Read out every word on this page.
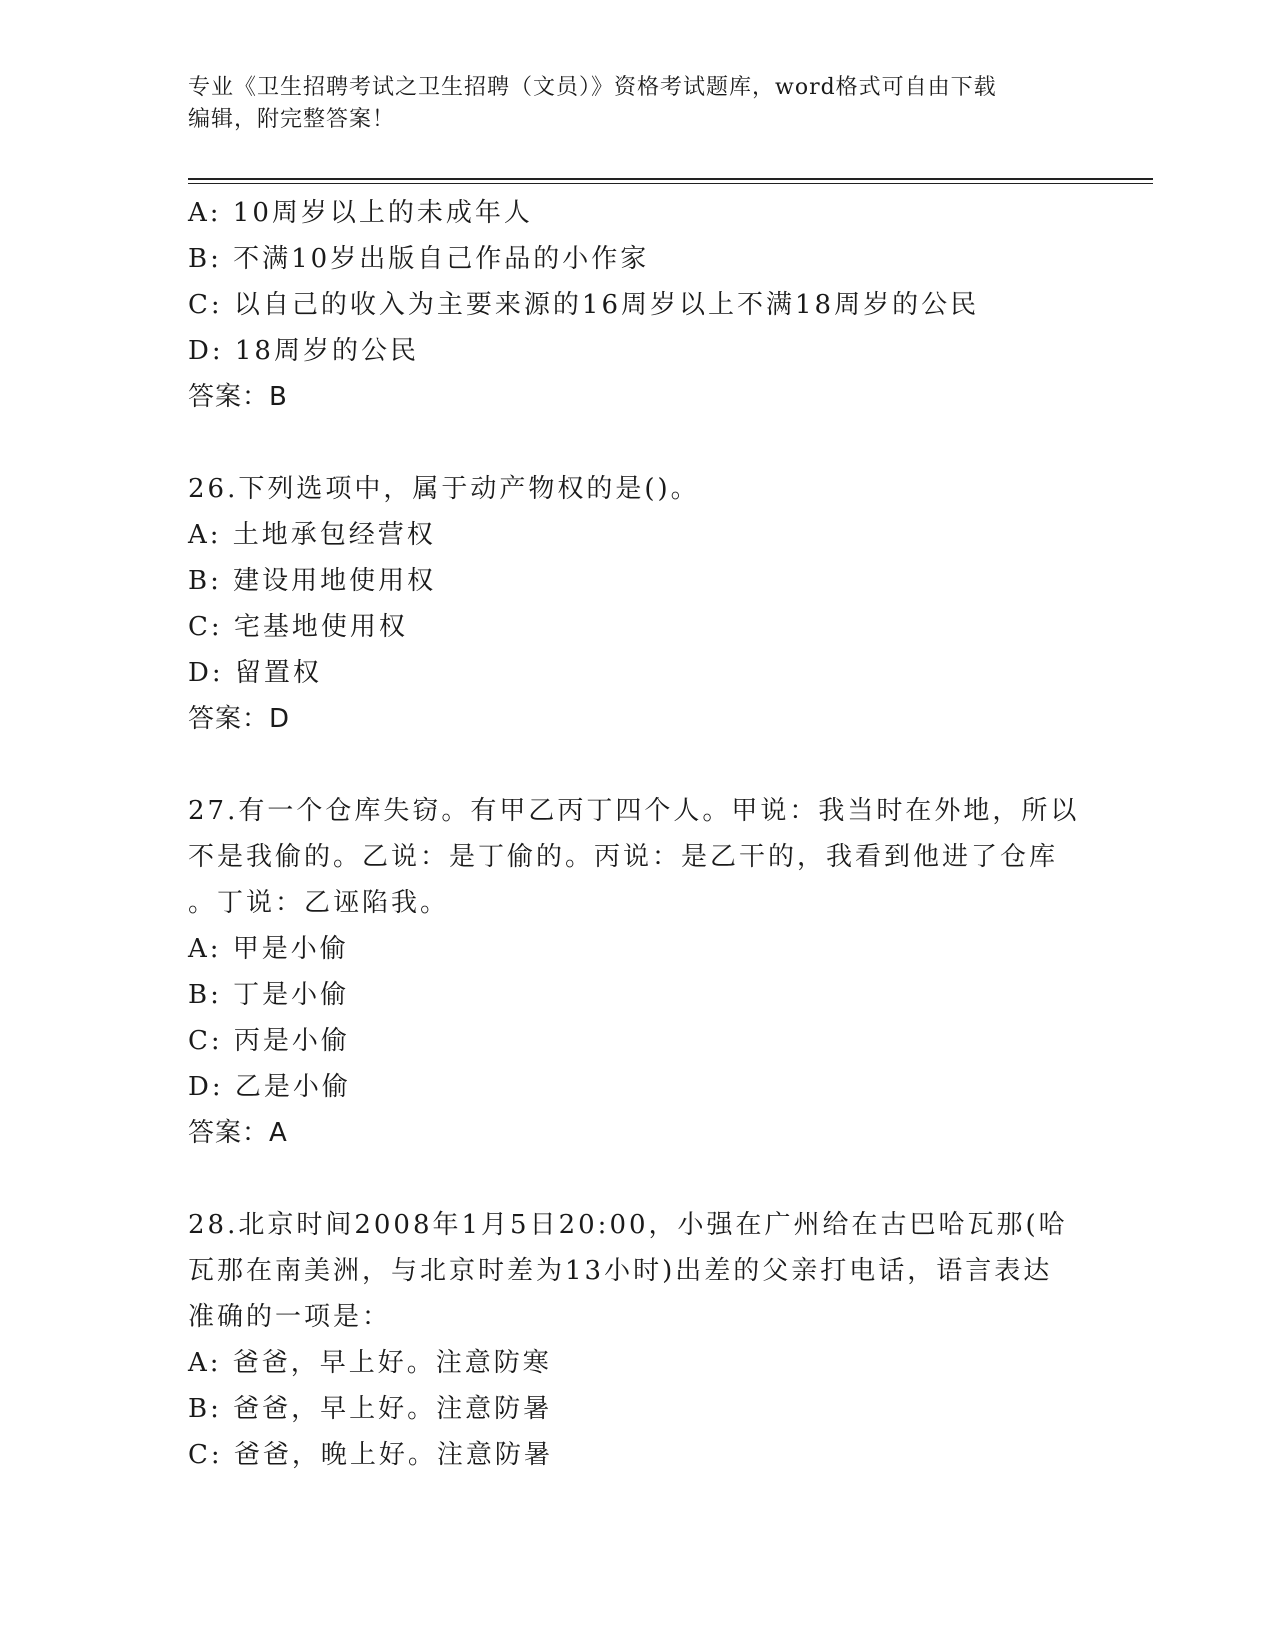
专业《卫生招聘考试之卫生招聘（文员）》资格考试题库，word格式可自由下载
编辑，附完整答案！
A: 10周岁以上的未成年人
B: 不满10岁出版自己作品的小作家
C: 以自己的收入为主要来源的16周岁以上不满18周岁的公民
D: 18周岁的公民
答案：B
26.下列选项中，属于动产物权的是()。
A: 土地承包经营权
B: 建设用地使用权
C: 宅基地使用权
D: 留置权
答案：D
27.有一个仓库失窃。有甲乙丙丁四个人。甲说：我当时在外地，所以
不是我偷的。乙说：是丁偷的。丙说：是乙干的，我看到他进了仓库
。丁说：乙诬陷我。
A: 甲是小偷
B: 丁是小偷
C: 丙是小偷
D: 乙是小偷
答案：A
28.北京时间2008年1月5日20:00，小强在广州给在古巴哈瓦那(哈
瓦那在南美洲，与北京时差为13小时)出差的父亲打电话，语言表达
准确的一项是：
A: 爸爸，早上好。注意防寒
B: 爸爸，早上好。注意防暑
C: 爸爸，晚上好。注意防暑
